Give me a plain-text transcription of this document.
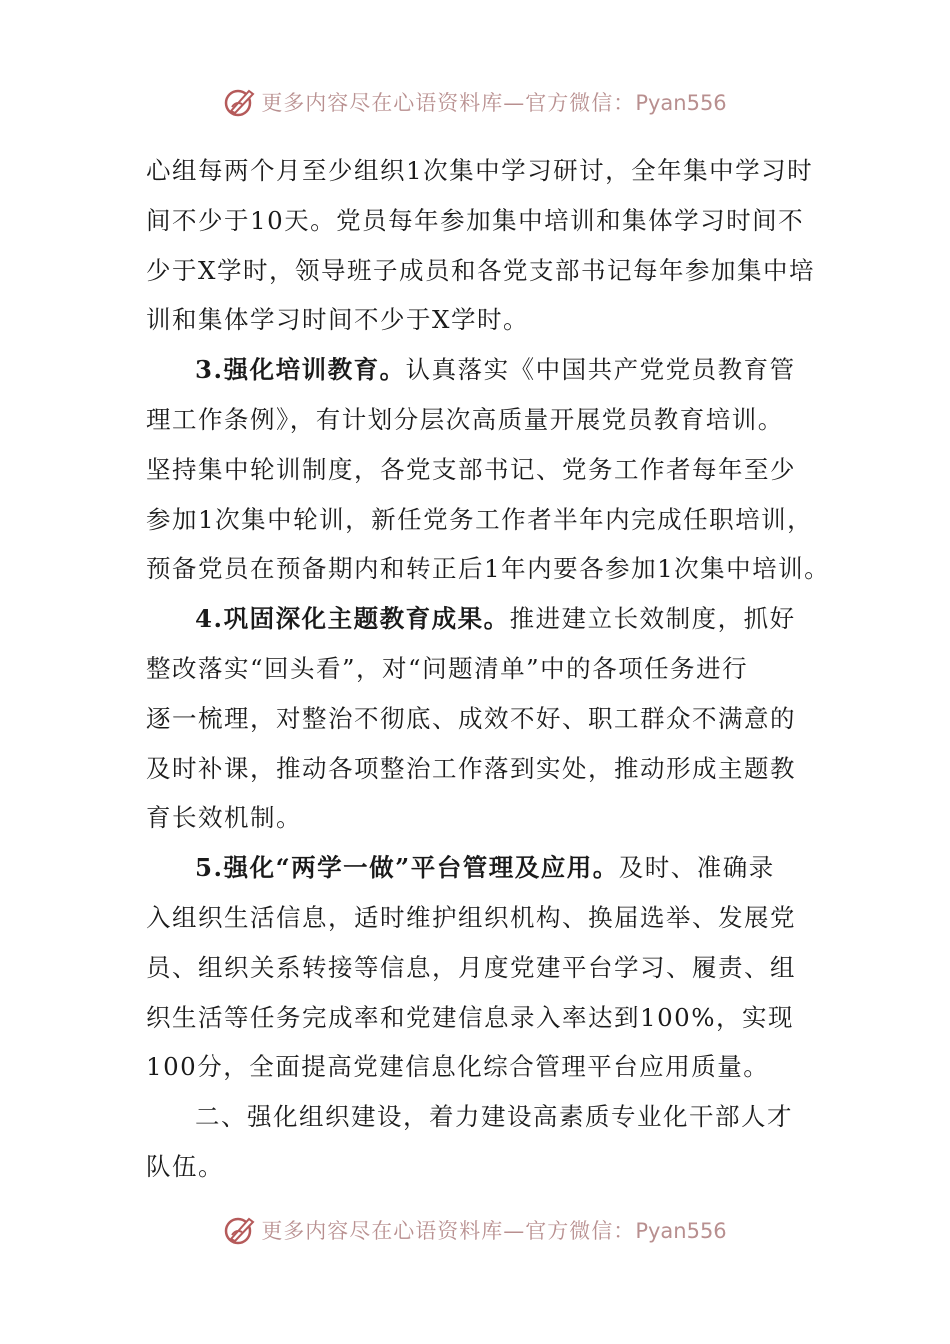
更多内容尽在心语资料库—官方微信：Pyan556
心组每两个月至少组织1次集中学习研讨，全年集中学习时
间不少于10天。党员每年参加集中培训和集体学习时间不
少于X学时，领导班子成员和各党支部书记每年参加集中培
训和集体学习时间不少于X学时。
3.强化培训教育。认真落实《中国共产党党员教育管
理工作条例》，有计划分层次高质量开展党员教育培训。
坚持集中轮训制度，各党支部书记、党务工作者每年至少
参加1次集中轮训，新任党务工作者半年内完成任职培训，
预备党员在预备期内和转正后1年内要各参加1次集中培训。
4.巩固深化主题教育成果。推进建立长效制度，抓好
整改落实“回头看”，对“问题清单”中的各项任务进行
逐一梳理，对整治不彻底、成效不好、职工群众不满意的
及时补课，推动各项整治工作落到实处，推动形成主题教
育长效机制。
5.强化“两学一做”平台管理及应用。及时、准确录
入组织生活信息，适时维护组织机构、换届选举、发展党
员、组织关系转接等信息，月度党建平台学习、履责、组
织生活等任务完成率和党建信息录入率达到100%，实现
100分，全面提高党建信息化综合管理平台应用质量。
二、强化组织建设，着力建设高素质专业化干部人才
队伍。
更多内容尽在心语资料库—官方微信：Pyan556
